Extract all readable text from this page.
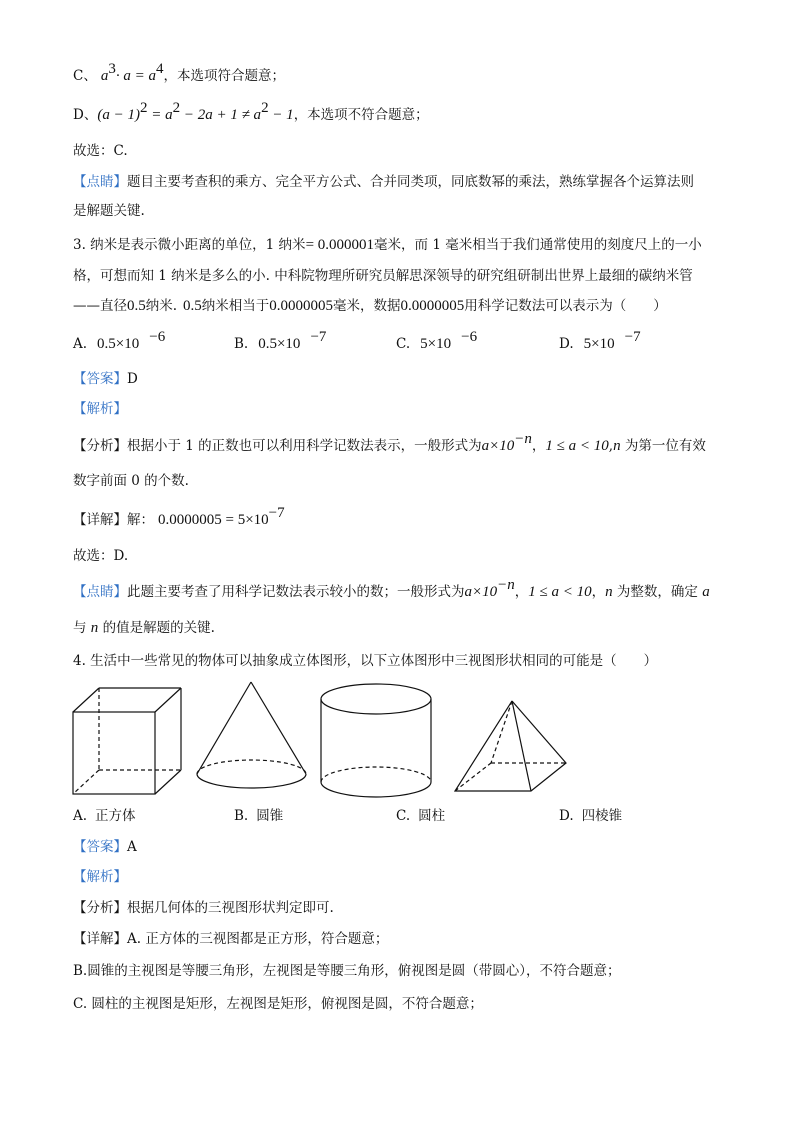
C、 $a^3\cdot a = a^4$，本选项符合题意；
D、$(a - 1)^2 = a^2 - 2a + 1 \ne a^2 - 1$，本选项不符合题意；
故选：C.
【点睛】题目主要考查积的乘方、完全平方公式、合并同类项，同底数幂的乘法，熟练掌握各个运算法则
是解题关键.
3. 纳米是表示微小距离的单位，1 纳米= 0.000001毫米，而 1 毫米相当于我们通常使用的刻度尺上的一小
格，可想而知 1 纳米是多么的小. 中科院物理所研究员解思深领导的研究组研制出世界上最细的碳纳米管
——直径0.5纳米. 0.5纳米相当于0.0000005毫米，数据0.0000005用科学记数法可以表示为（　　）
A. 0.5×10 $^{-6}$	B. 0.5×10 $^{-7}$	C. 5×10 $^{-6}$	D. 5×10 $^{-7}$
【答案】D
【解析】
【分析】根据小于 1 的正数也可以利用科学记数法表示，一般形式为$a\times 10^{-n}$，1 ≤ a < 10,n 为第一位有效
数字前面 0 的个数.
【详解】解： $0.0000005 = 5\times 10^{-7}$
故选：D.
【点睛】此题主要考查了用科学记数法表示较小的数；一般形式为$a\times 10^{-n}$，1 ≤ a < 10，n 为整数，确定 a
与 n 的值是解题的关键.
4. 生活中一些常见的物体可以抽象成立体图形，以下立体图形中三视图形状相同的可能是（　　）
A. 正方体	B. 圆锥	C. 圆柱	D. 四棱锥
【答案】A
【解析】
【分析】根据几何体的三视图形状判定即可.
【详解】A. 正方体的三视图都是正方形，符合题意；
B.圆锥的主视图是等腰三角形，左视图是等腰三角形，俯视图是圆（带圆心），不符合题意；
C. 圆柱的主视图是矩形，左视图是矩形，俯视图是圆，不符合题意；
